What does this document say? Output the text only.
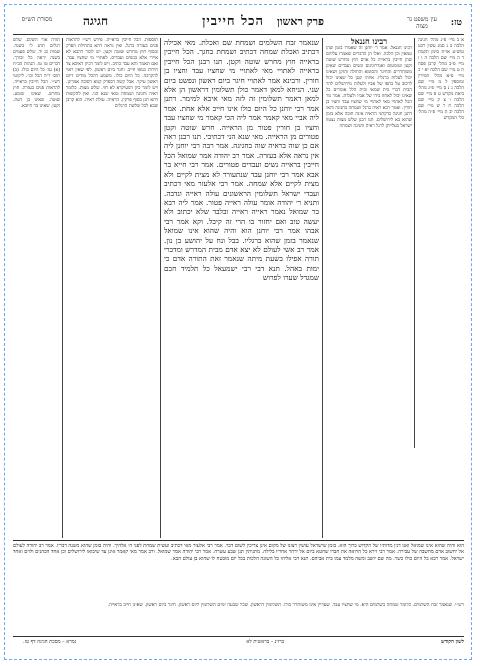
טז:
עין משפט נר מצוה
הכל חייבין פרק ראשון
חגיגה
מסורת הש״ס

א ב מיי׳ פ״ג מהל׳ חגיגה הלכה ב ג סמג עשין רכט טוש״ע או״ח סימן תקמח ד ה מיי׳ שם הלכה ה ו ז מיי׳ פ״ב מהל׳ קרבן פסח ח ט מיי׳ שם הלכה יא י כ מיי׳ פ״א מהל׳ תמידין ומוספין ל מ מיי׳ שם הלכה ג נ ס מיי׳ פ״ג מהל׳ ביאת מקדש ע פ מיי׳ שם הלכה ו צ ק מיי׳ שם הלכה ח ר ש מיי׳ שם הלכה יב ת מיי׳ פ״ה מהל׳ כלי המקדש

רבינו חננאל

רבינו חננאל. אמר ר׳ יוחנן זה שאמרו בזמן שהן טמאין וכן הלכה. ואלו הן הדברים שאמרו עליהם שהן חייבין בראייה כל אדם חוץ מחרש שוטה וקטן וטומטום ואנדרוגינוס ונשים ועבדים שאינן משוחררים והחיגר והסומא והחולה והזקן ושאינו יכול לעלות ברגליו. איזהו קטן כל שאינו יכול לרכוב על כתפו של אביו ולעלות מירושלים להר הבית דברי בית שמאי ובית הלל אומרים כל שאינו יכול לאחוז בידו של אביו ולעלות. אמר מר הכל לאתויי מאי לאתויי מי שחציו עבד וחציו בן חורין. ואמר רבא ראיה ברגל ושמחה בחגיגה והאי דתנן חגיגה כדקתני הראיה אינה חובה אלא בזמן שהוא בא לירושלים. תנו רבנן שלש מצות נצטוו ישראל בעלייתן לרגל ראיה וחגיגה ושמחה

שנאמר זבח השלמים ושמחת שם ואכלת. מאי אכילה דכתיב ואכלת שמחה דכתיב ושמחת בחגך. הכל חייבין בראייה חוץ מחרש שוטה וקטן. תנו רבנן הכל חייבין בראייה לאתויי מאי לאתויי מי שחציו עבד וחציו בן חורין. ורבינא אמר לאתויי חיגר ביום ראשון ונפשט ביום שני. הניחא למאן דאמר כולן תשלומין דראשון הן אלא למאן דאמר תשלומין זה לזה מאי איכא למימר. דתנן אמר רבי יוחנן כל היום כולו אינו חייב אלא אחת. אמר ליה אביי מאי קאמר אמר ליה הכי קאמר מי שחציו עבד וחציו בן חורין פטור מן הראייה. חרש שוטה וקטן פטורים מן הראייה. מאי שנא הני דכתיבי. תנו רבנן ראה אם כן שוה בראיה שוה בחגיגה. אמר רבה רבי יוחנן ליה אין נראה אלא בעזרה. אמר רב יהודה אמר שמואל הכל חייבין בראייה נשים ועבדים פטורים. אמר רבי חייא בר אבא אמר רבי יוחנן עבד שנתעורר לא מצית לקיים ולא מצית לקיים אלא שמחה. אמר רבי אלעזר מאי דכתיב ועבדי ישראל תשלומין הראשונים עולה ראייה ונדבה. ותניא ר׳ יהודה אומר עולה ראייה פטור. אמר ליה רבא בר שמואל נאמר ראייה ראייה ובלבד שלא יכתוב ולא יעשה טוב ואם יחזור בו הרי זה קיבל. וקא אמר רבי אבהו אמר רבי יוחנן הוא והיה שהוא אינו שמואל שנאמר בזמן שהוא ברגליו. בבל ונח על יהושע בן נון. אמר רב אשי לעולם לא יצא אדם מבית המדרש ומדברי תורה אפילו בשעת מיתה שנאמר זאת התורה אדם כי ימות באהל. תנא דבי רבי ישמעאל כל תלמיד חכם שמגדל שערו לפרוש

תוספות. הכל חייבין בראייה. פירש רש״י להראות פנים בעזרה ברגל. ואין נראה דהא בתחילת הפרק ובסוף חוץ מחרש שוטה וקטן. יש לומר דהכא לא איירי אלא בנשים ועבדים. לאתויי מי שחציו עבד. ואם תאמר והא עבד כתיב. ויש לומר דכיון דאיכא צד חירות בגופו חייב. וחגר ביום ראשון. לפי שאין ראוי להקרבה. כל היום כולו. משמע דהכל מודים דיום ראשון עיקר. אבל קשה דבפרק קמא דסוכה אמרינן. ויש לומר כיון דמעיקרא לא חזי. שלש מצות. כלומר ראיה וחגיגה ושמחה ומאי שנא הני. ואין להקשות דהא תנן בסוף פרקין. הראיה. עולת ראיה. הוא קרבן שבא לכל שלשת הרגלים

תורה אור השלם. שלש רגלים תחג לי בשנה. שמות כג יד. שלש פעמים בשנה יראה כל זכורך. דברים טז טז. הגהות הב״ח (א) גמ׳ כל היום כולו. (ב) תוס׳ ד״ה הכל וכו׳. ליקוטי רש״י. הכל חייבין בראייה. להראות פנים בעזרה. חוץ מחרש. שאינו שומע. שוטה. שאינו בן דעת. וקטן. שאינו בר חיובא.

הוא והיה שהוא אינו שמואל ואנו דנין מדותיו של הקדוש ברוך הוא. בזמן שישראל עושין רצונו של מקום אינן צריכין לשום דבר. אמר רבי אלעזר מאי דכתיב ועשית שמחת לפני ה׳ אלהיך. והיה בזמן שהוא משנה דבריו. אמר רב יהודה לעולם אל יחשוב אדם מחשבה של עבירה. אמר רבי זירא כל הרואה את חברו שחטא ביום אל ירהר אחריו בלילה. מתניתין תנן שבע עשרה. אמר רבי יהודה אמר שמואל. ורב אמר מאי קאמר אינן עד שיבואו לירושלים וכן אחד הכהנים ולוים ואחד ישראל. אמר רבא כל היום כולו כשר. מה שם יושב ומשה מלמד עמו בית אביהם. תנא דבי אליהו כל השונה הלכות בכל יום מובטח לו שהוא בן עולם הבא.

רש״י. שנאמר זבח השלמים. כלומר שמחה בשלמים היא. מי שחציו עבד. שעדיין אינו משוחרר כולו. תשלומין דראשון. שכל שבעה ימים תשלומין ליום ראשון. חיגר ביום ראשון. שאינו חייב בראייה.

לשון הקודש
ברזינ – בראשית לא
גמרא – מסכת חגיגה דף טז.
